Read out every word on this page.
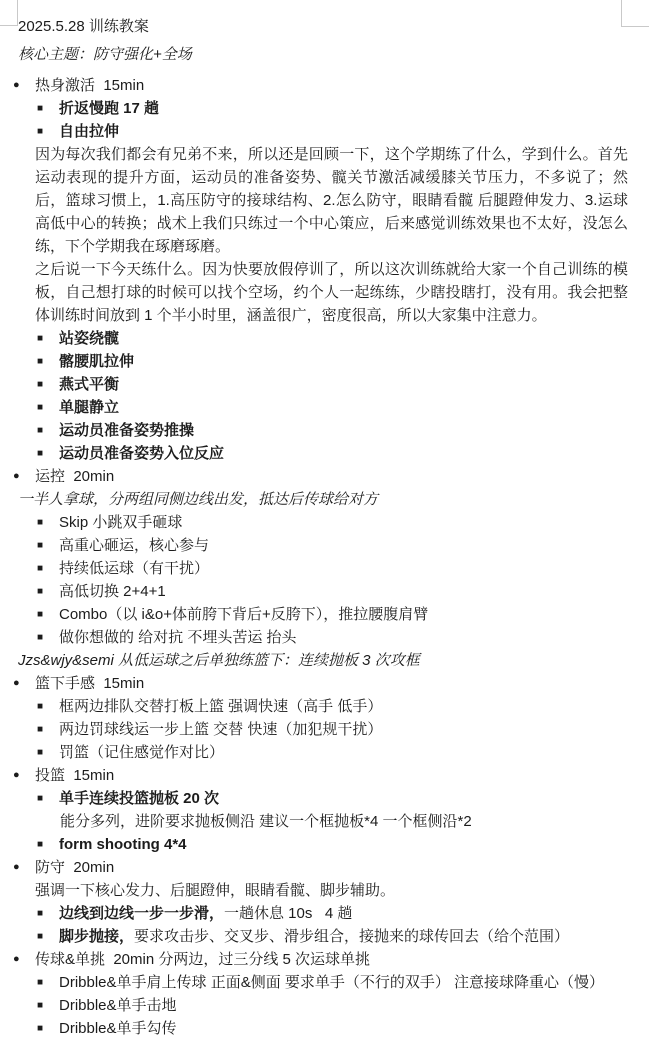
2025.5.28 训练教案
核心主题：防守强化+全场
● 热身激活  15min
■ 折返慢跑 17 趟
■ 自由拉伸
因为每次我们都会有兄弟不来，所以还是回顾一下，这个学期练了什么，学到什么。首先运动表现的提升方面，运动员的准备姿势、髋关节激活减缓膝关节压力，不多说了；然后，篮球习惯上，1.高压防守的接球结构、2.怎么防守，眼睛看髋 后腿蹬伸发力、3.运球高低中心的转换；战术上我们只练过一个中心策应，后来感觉训练效果也不太好，没怎么练，下个学期我在琢磨琢磨。
之后说一下今天练什么。因为快要放假停训了，所以这次训练就给大家一个自己训练的模板，自己想打球的时候可以找个空场，约个人一起练练，少瞎投瞎打，没有用。我会把整体训练时间放到 1 个半小时里，涵盖很广，密度很高，所以大家集中注意力。
■ 站姿绕髋
■ 髂腰肌拉伸
■ 燕式平衡
■ 单腿静立
■ 运动员准备姿势推操
■ 运动员准备姿势入位反应
● 运控  20min
一半人拿球，分两组同侧边线出发，抵达后传球给对方
■ Skip 小跳双手砸球
■ 高重心砸运，核心参与
■ 持续低运球（有干扰）
■ 高低切换 2+4+1
■ Combo（以 i&o+体前胯下背后+反胯下），推拉腰腹肩臂
■ 做你想做的 给对抗 不埋头苦运 抬头
Jzs&wjy&semi 从低运球之后单独练篮下：连续抛板 3 次攻框
● 篮下手感  15min
■ 框两边排队交替打板上篮 强调快速（高手 低手）
■ 两边罚球线运一步上篮 交替 快速（加犯规干扰）
■ 罚篮（记住感觉作对比）
● 投篮  15min
■ 单手连续投篮抛板 20 次
能分多列，进阶要求抛板侧沿 建议一个框抛板*4 一个框侧沿*2
■ form shooting 4*4
● 防守  20min
强调一下核心发力、后腿蹬伸，眼睛看髋、脚步辅助。
■ 边线到边线一步一步滑，一趟休息 10s   4 趟
■ 脚步抛接，要求攻击步、交叉步、滑步组合，接抛来的球传回去（给个范围）
● 传球&单挑  20min 分两边，过三分线 5 次运球单挑
■ Dribble&单手肩上传球 正面&侧面 要求单手（不行的双手） 注意接球降重心（慢）
■ Dribble&单手击地
■ Dribble&单手勾传
